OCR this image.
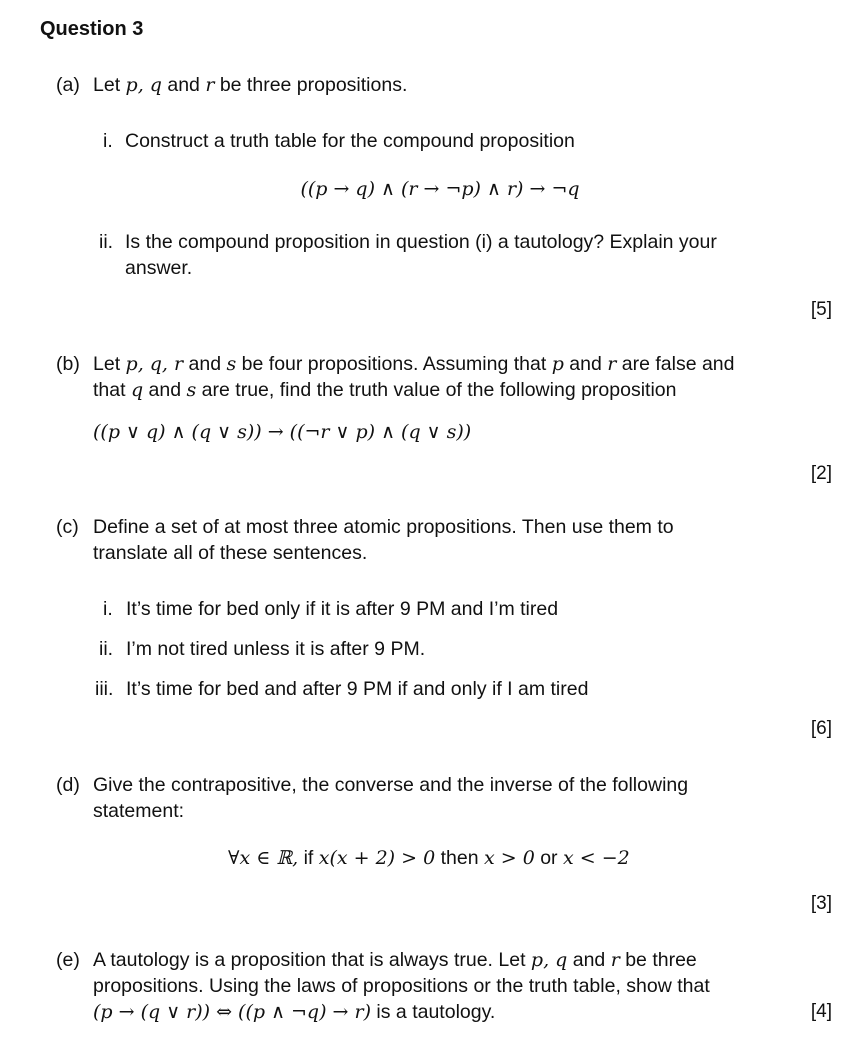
Question 3
(a) Let p, q and r be three propositions.
i. Construct a truth table for the compound proposition
((p → q) ∧ (r → ¬p) ∧ r) → ¬q
ii. Is the compound proposition in question (i) a tautology? Explain your
answer.
[5]
(b) Let p, q, r and s be four propositions. Assuming that p and r are false and
that q and s are true, find the truth value of the following proposition
((p ∨ q) ∧ (q ∨ s)) → ((¬r ∨ p) ∧ (q ∨ s))
[2]
(c) Define a set of at most three atomic propositions. Then use them to
translate all of these sentences.
i. It’s time for bed only if it is after 9 PM and I’m tired
ii. I’m not tired unless it is after 9 PM.
iii. It’s time for bed and after 9 PM if and only if I am tired
[6]
(d) Give the contrapositive, the converse and the inverse of the following
statement:
∀x ∈ ℝ, if x(x + 2) > 0 then x > 0 or x < −2
[3]
(e) A tautology is a proposition that is always true. Let p, q and r be three
propositions. Using the laws of propositions or the truth table, show that
(p → (q ∨ r)) ⇔ ((p ∧ ¬q) → r) is a tautology.	[4]
